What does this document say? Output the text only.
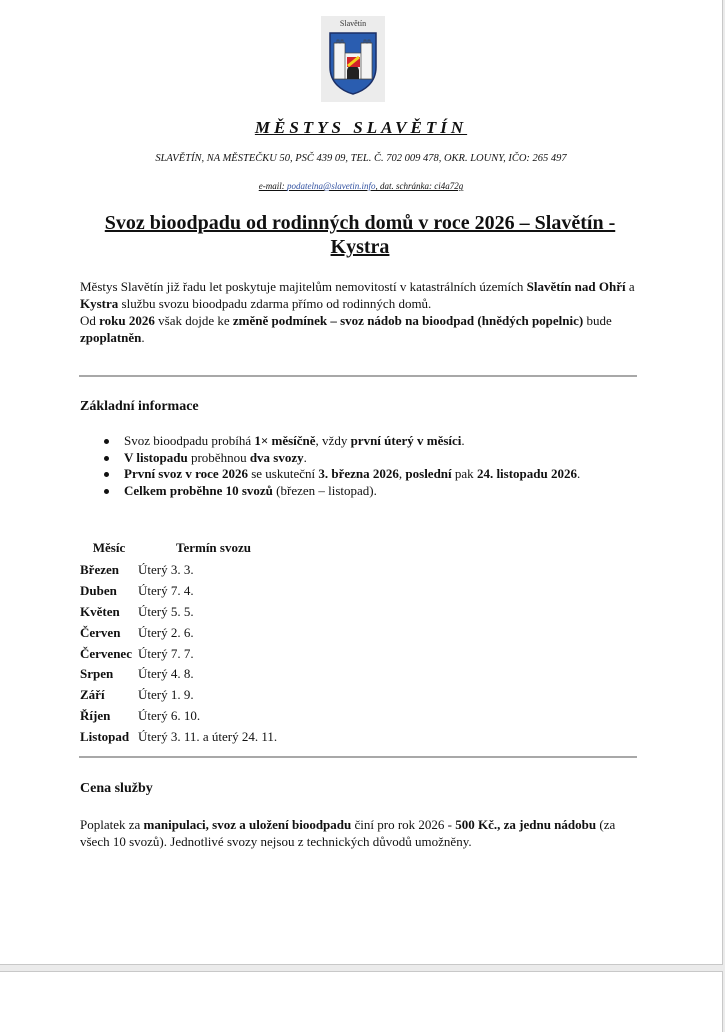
Slavětín
MĚSTYS SLAVĚTÍN
SLAVĚTÍN, NA MĚSTEČKU 50, PSČ 439 09, TEL. Č. 702 009 478, OKR. LOUNY, IČO: 265 497
e-mail: podatelna@slavetin.info, dat. schránka: ci4a72g
Svoz bioodpadu od rodinných domů v roce 2026 – Slavětín - Kystra
Městys Slavětín již řadu let poskytuje majitelům nemovitostí v katastrálních územích Slavětín nad Ohří a Kystra službu svozu bioodpadu zdarma přímo od rodinných domů.
Od roku 2026 však dojde ke změně podmínek – svoz nádob na bioodpad (hnědých popelnic) bude zpoplatněn.
Základní informace
Svoz bioodpadu probíhá 1× měsíčně, vždy první úterý v měsíci.
V listopadu proběhnou dva svozy.
První svoz v roce 2026 se uskuteční 3. března 2026, poslední pak 24. listopadu 2026.
Celkem proběhne 10 svozů (březen – listopad).
Měsíc	Termín svozu
Březen	Úterý 3. 3.
Duben	Úterý 7. 4.
Květen	Úterý 5. 5.
Červen	Úterý 2. 6.
Červenec	Úterý 7. 7.
Srpen	Úterý 4. 8.
Září	Úterý 1. 9.
Říjen	Úterý 6. 10.
Listopad	Úterý 3. 11. a úterý 24. 11.
Cena služby
Poplatek za manipulaci, svoz a uložení bioodpadu činí pro rok 2026 - 500 Kč., za jednu nádobu (za všech 10 svozů). Jednotlivé svozy nejsou z technických důvodů umožněny.
